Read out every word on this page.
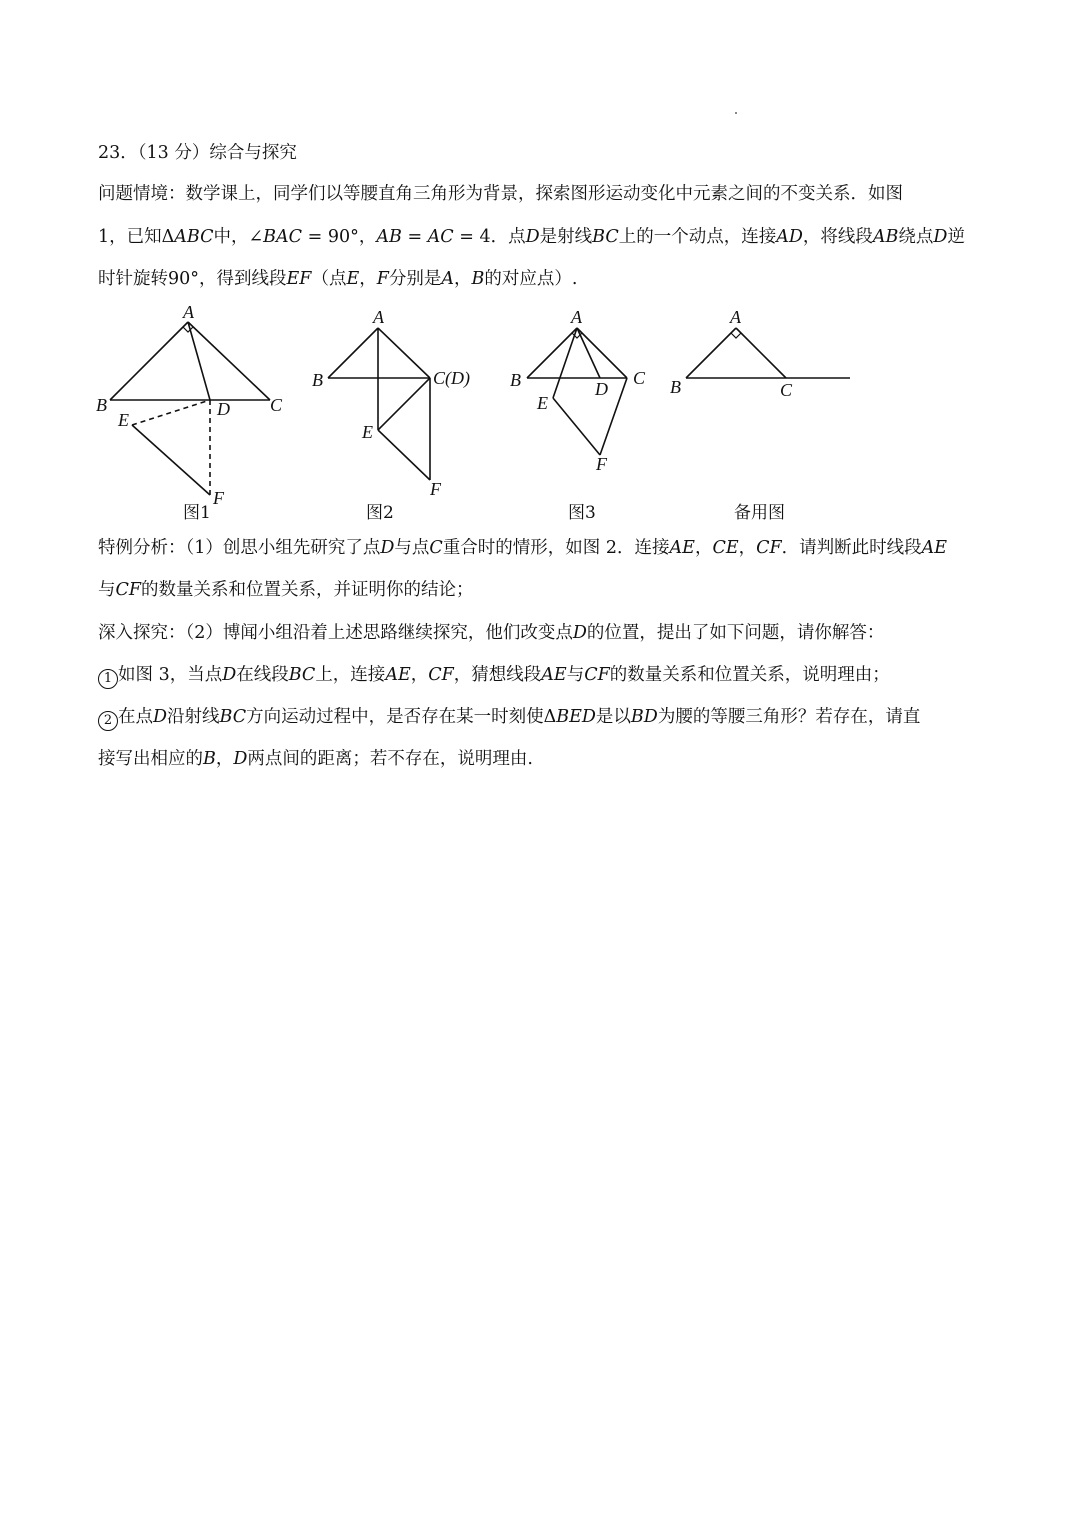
23．（13 分）综合与探究
问题情境：数学课上，同学们以等腰直角三角形为背景，探索图形运动变化中元素之间的不变关系．如图
1，已知ΔABC中，∠BAC = 90°，AB = AC = 4．点D是射线BC上的一个动点，连接AD，将线段AB绕点D逆
时针旋转90°，得到线段EF（点E，F分别是A，B的对应点）.
A
B	C
D
E
F
图1
A
B	C(D)
E
F
图2
A
B	C
D
E
F
图3
A
B	C
备用图
特例分析：（1）创思小组先研究了点D与点C重合时的情形，如图 2．连接AE，CE，CF．请判断此时线段AE
与CF的数量关系和位置关系，并证明你的结论；
深入探究：（2）博闻小组沿着上述思路继续探究，他们改变点D的位置，提出了如下问题，请你解答：
1 如图 3，当点D在线段BC上，连接AE，CF，猜想线段AE与CF的数量关系和位置关系，说明理由；
2 在点D沿射线BC方向运动过程中，是否存在某一时刻使ΔBED是以BD为腰的等腰三角形？若存在，请直
接写出相应的B，D两点间的距离；若不存在，说明理由.
